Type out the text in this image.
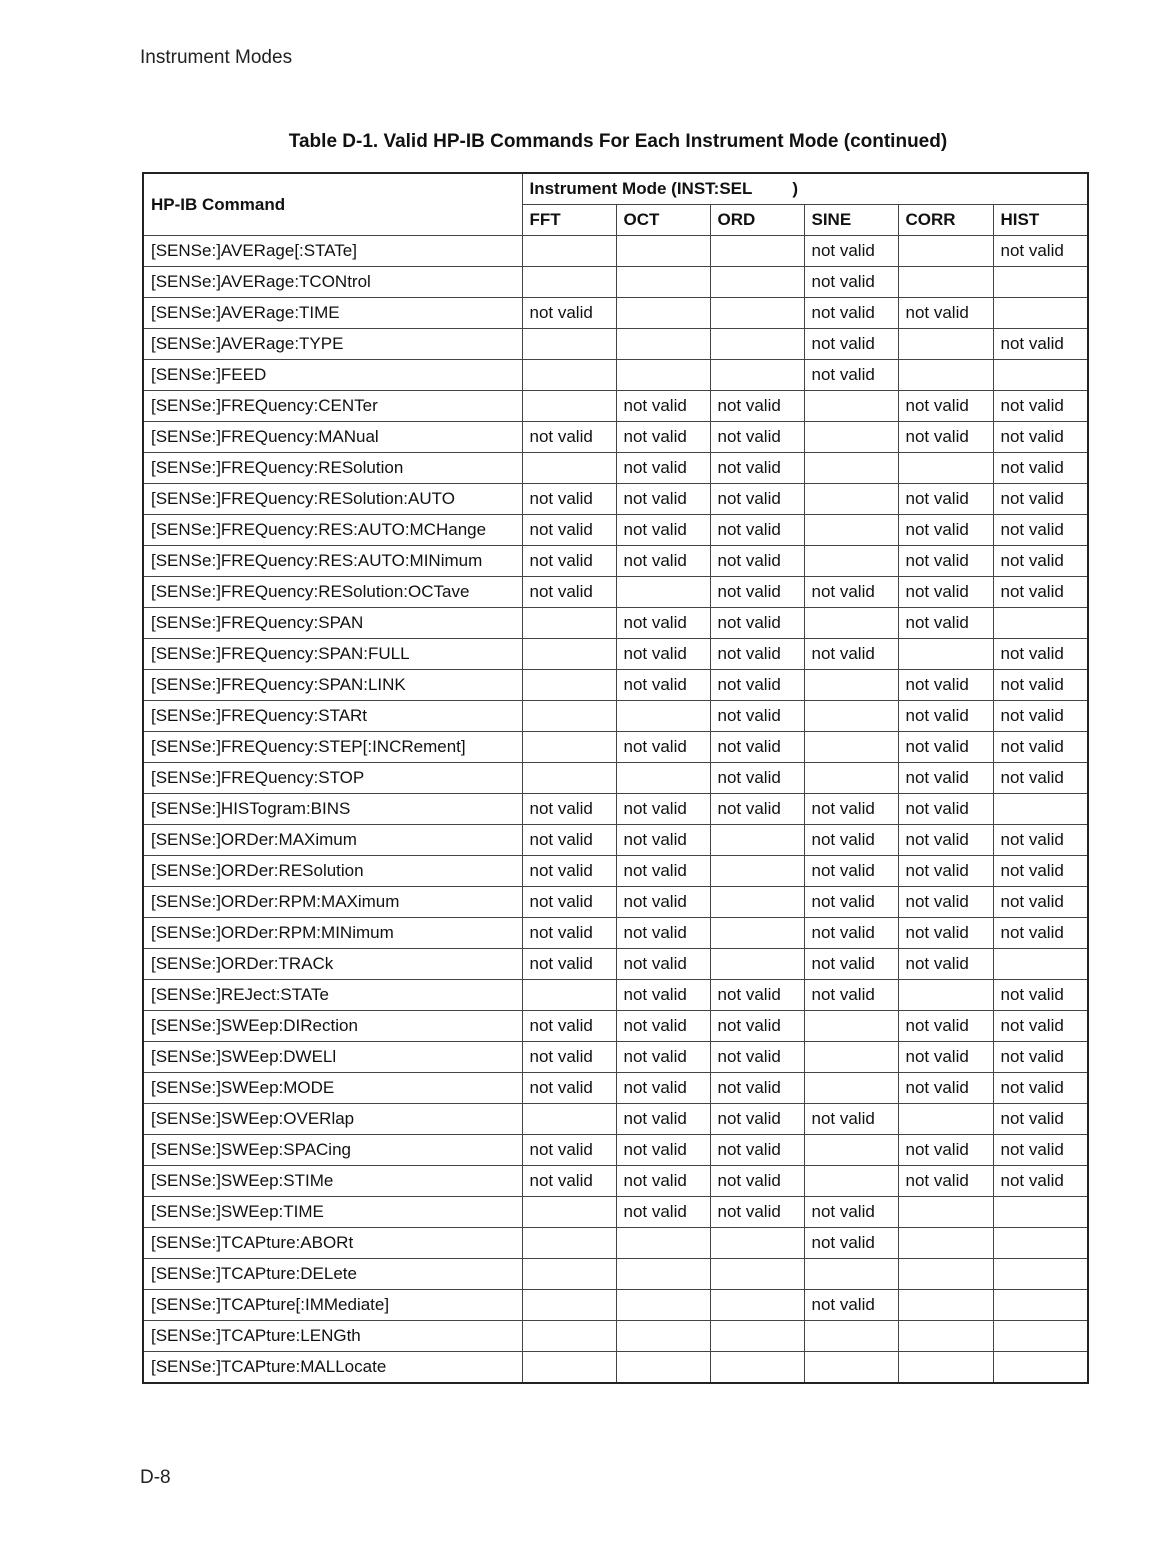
Instrument Modes
Table D-1. Valid HP-IB Commands For Each Instrument Mode (continued)
HP-IB Command	Instrument Mode (INST:SEL )					
	FFT	OCT	ORD	SINE	CORR	HIST
[SENSe:]AVERage[:STATe]				not valid		not valid
[SENSe:]AVERage:TCONtrol				not valid		
[SENSe:]AVERage:TIME	not valid			not valid	not valid	
[SENSe:]AVERage:TYPE				not valid		not valid
[SENSe:]FEED				not valid		
[SENSe:]FREQuency:CENTer		not valid	not valid		not valid	not valid
[SENSe:]FREQuency:MANual	not valid	not valid	not valid		not valid	not valid
[SENSe:]FREQuency:RESolution		not valid	not valid			not valid
[SENSe:]FREQuency:RESolution:AUTO	not valid	not valid	not valid		not valid	not valid
[SENSe:]FREQuency:RES:AUTO:MCHange	not valid	not valid	not valid		not valid	not valid
[SENSe:]FREQuency:RES:AUTO:MINimum	not valid	not valid	not valid		not valid	not valid
[SENSe:]FREQuency:RESolution:OCTave	not valid		not valid	not valid	not valid	not valid
[SENSe:]FREQuency:SPAN		not valid	not valid		not valid	
[SENSe:]FREQuency:SPAN:FULL		not valid	not valid	not valid		not valid
[SENSe:]FREQuency:SPAN:LINK		not valid	not valid		not valid	not valid
[SENSe:]FREQuency:STARt			not valid		not valid	not valid
[SENSe:]FREQuency:STEP[:INCRement]		not valid	not valid		not valid	not valid
[SENSe:]FREQuency:STOP			not valid		not valid	not valid
[SENSe:]HISTogram:BINS	not valid	not valid	not valid	not valid	not valid	
[SENSe:]ORDer:MAXimum	not valid	not valid		not valid	not valid	not valid
[SENSe:]ORDer:RESolution	not valid	not valid		not valid	not valid	not valid
[SENSe:]ORDer:RPM:MAXimum	not valid	not valid		not valid	not valid	not valid
[SENSe:]ORDer:RPM:MINimum	not valid	not valid		not valid	not valid	not valid
[SENSe:]ORDer:TRACk	not valid	not valid		not valid	not valid	
[SENSe:]REJect:STATe		not valid	not valid	not valid		not valid
[SENSe:]SWEep:DIRection	not valid	not valid	not valid		not valid	not valid
[SENSe:]SWEep:DWELl	not valid	not valid	not valid		not valid	not valid
[SENSe:]SWEep:MODE	not valid	not valid	not valid		not valid	not valid
[SENSe:]SWEep:OVERlap		not valid	not valid	not valid		not valid
[SENSe:]SWEep:SPACing	not valid	not valid	not valid		not valid	not valid
[SENSe:]SWEep:STIMe	not valid	not valid	not valid		not valid	not valid
[SENSe:]SWEep:TIME		not valid	not valid	not valid		
[SENSe:]TCAPture:ABORt				not valid		
[SENSe:]TCAPture:DELete						
[SENSe:]TCAPture[:IMMediate]				not valid		
[SENSe:]TCAPture:LENGth						
[SENSe:]TCAPture:MALLocate						
D-8
